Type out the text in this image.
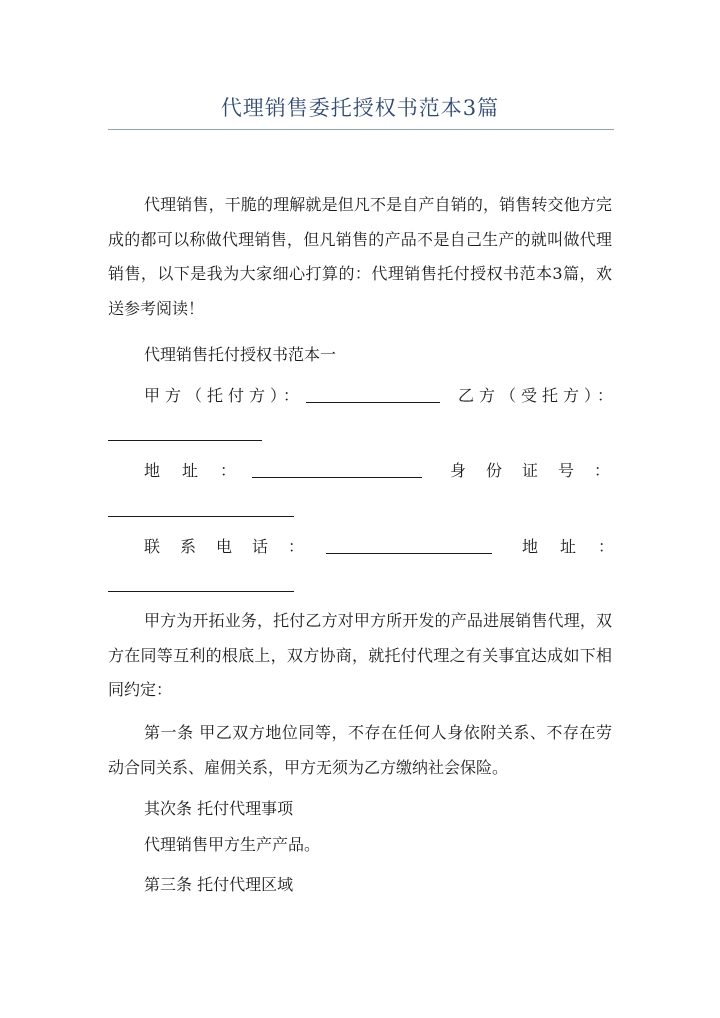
代理销售委托授权书范本3篇

代理销售，干脆的理解就是但凡不是自产自销的，销售转交他方完成的都可以称做代理销售，但凡销售的产品不是自己生产的就叫做代理销售，以下是我为大家细心打算的：代理销售托付授权书范本3篇，欢送参考阅读！

代理销售托付授权书范本一
甲方（托付方）：	乙方（受托方）：
地址：	身份证号：
联系电话：	地址：

甲方为开拓业务，托付乙方对甲方所开发的产品进展销售代理，双方在同等互利的根底上，双方协商，就托付代理之有关事宜达成如下相同约定：

第一条 甲乙双方地位同等，不存在任何人身依附关系、不存在劳动合同关系、雇佣关系，甲方无须为乙方缴纳社会保险。

其次条 托付代理事项
代理销售甲方生产产品。
第三条 托付代理区域
